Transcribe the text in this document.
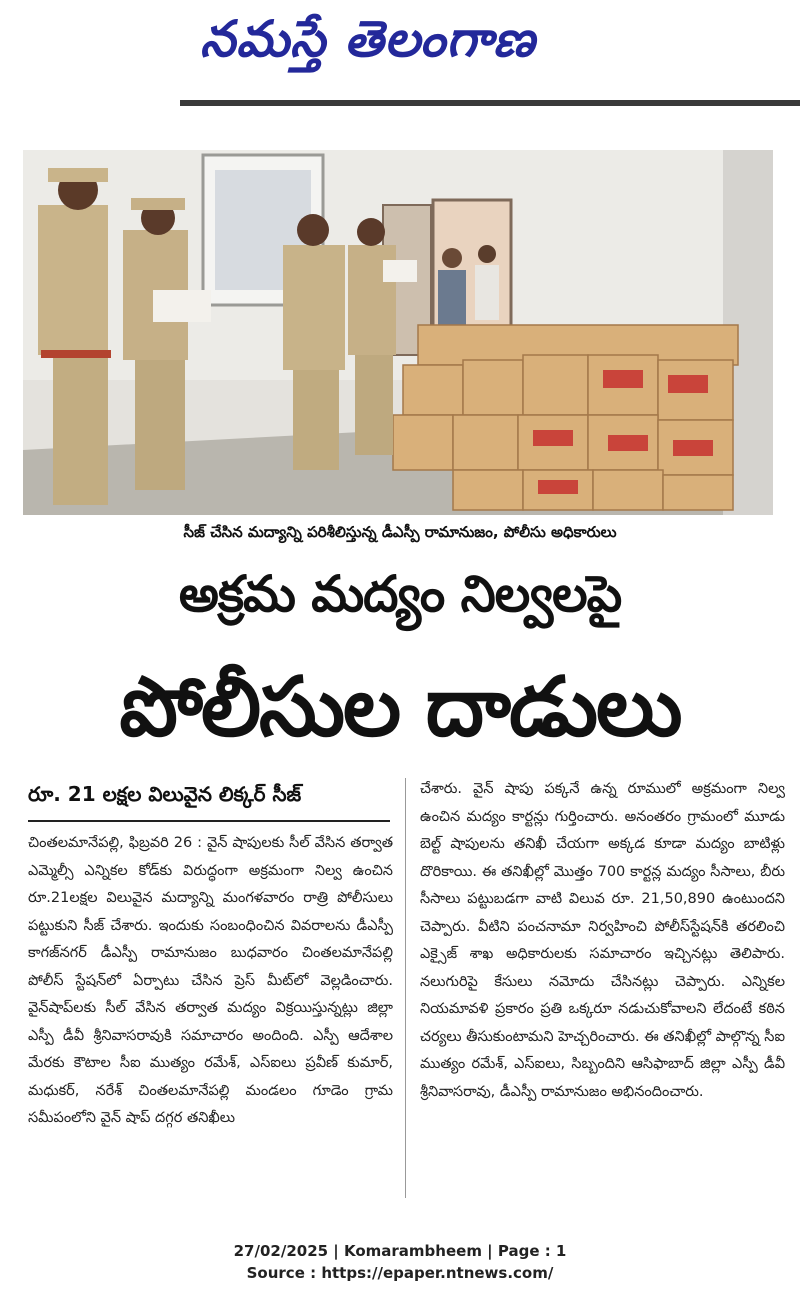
నమస్తే తెలంగాణ
సీజ్ చేసిన మద్యాన్ని పరిశీలిస్తున్న డీఎస్పీ రామానుజం, పోలీసు అధికారులు
అక్రమ మద్యం నిల్వలపై
పోలీసుల దాడులు
రూ. 21 లక్షల విలువైన లిక్కర్ సీజ్

చింతలమానేపల్లి, ఫిబ్రవరి 26 : వైన్ షాపులకు సీల్ వేసిన తర్వాత ఎమ్మెల్సీ ఎన్నికల కోడ్‌కు విరుద్ధంగా అక్రమంగా నిల్వ ఉంచిన రూ.21లక్షల విలువైన మద్యాన్ని మంగళవారం రాత్రి పోలీసులు పట్టుకుని సీజ్ చేశారు. ఇందుకు సంబంధించిన వివరాలను డీఎస్పీ కాగజ్‌నగర్ డీఎస్పీ రామానుజం బుధవారం చింతలమానేపల్లి పోలీస్ స్టేషన్‌లో ఏర్పాటు చేసిన ప్రెస్ మీట్‌లో వెల్లడించారు. వైన్‌షాప్‌లకు సీల్ వేసిన తర్వాత మద్యం విక్రయిస్తున్నట్లు జిల్లా ఎస్పీ డీవీ శ్రీనివాసరావుకి సమాచారం అందింది. ఎస్పీ ఆదేశాల మేరకు కౌటాల సీఐ ముత్యం రమేశ్, ఎస్ఐలు ప్రవీణ్ కుమార్, మధుకర్, నరేశ్ చింతలమానేపల్లి మండలం గూడెం గ్రామ సమీపంలోని వైన్ షాప్ దగ్గర తనిఖీలు

చేశారు. వైన్ షాపు పక్కనే ఉన్న రూములో అక్రమంగా నిల్వ ఉంచిన మద్యం కార్టన్లు గుర్తించారు. అనంతరం గ్రామంలో మూడు బెల్ట్ షాపులను తనిఖీ చేయగా అక్కడ కూడా మద్యం బాటిళ్లు దొరికాయి. ఈ తనిఖీల్లో మొత్తం 700 కార్టన్ల మద్యం సీసాలు, బీరు సీసాలు పట్టుబడగా వాటి విలువ రూ. 21,50,890 ఉంటుందని చెప్పారు. వీటిని పంచనామా నిర్వహించి పోలీస్‌స్టేషన్‌కి తరలించి ఎక్సైజ్ శాఖ అధికారులకు సమాచారం ఇచ్చినట్లు తెలిపారు. నలుగురిపై కేసులు నమోదు చేసినట్లు చెప్పారు. ఎన్నికల నియమావళి ప్రకారం ప్రతి ఒక్కరూ నడుచుకోవాలని లేదంటే కఠిన చర్యలు తీసుకుంటామని హెచ్చరించారు. ఈ తనిఖీల్లో పాల్గొన్న సీఐ ముత్యం రమేశ్, ఎస్ఐలు, సిబ్బందిని ఆసిఫాబాద్ జిల్లా ఎస్పీ డీవీ శ్రీనివాసరావు, డీఎస్పీ రామానుజం అభినందించారు.

27/02/2025 | Komarambheem | Page : 1
Source : https://epaper.ntnews.com/
